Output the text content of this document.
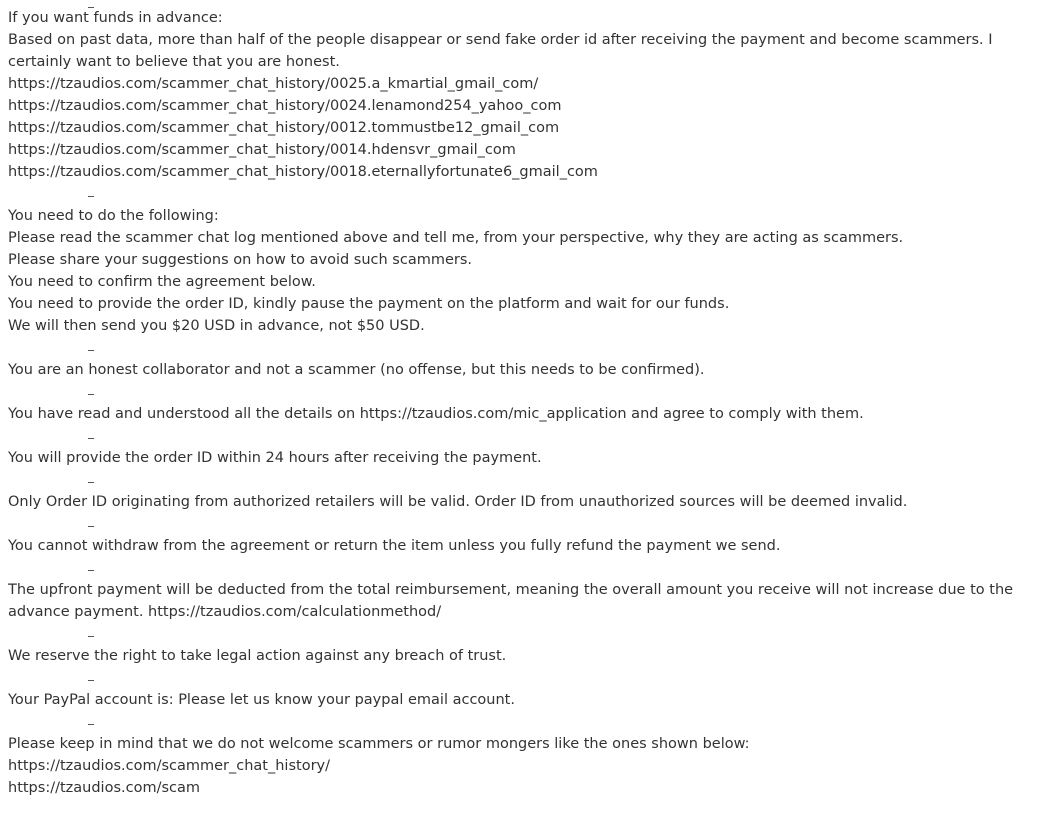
If you want funds in advance:
Based on past data, more than half of the people disappear or send fake order id after receiving the payment and become scammers. I certainly want to believe that you are honest.
https://tzaudios.com/scammer_chat_history/0025.a_kmartial_gmail_com/
https://tzaudios.com/scammer_chat_history/0024.lenamond254_yahoo_com
https://tzaudios.com/scammer_chat_history/0012.tommustbe12_gmail_com
https://tzaudios.com/scammer_chat_history/0014.hdensvr_gmail_com
https://tzaudios.com/scammer_chat_history/0018.eternallyfortunate6_gmail_com
You need to do the following:
Please read the scammer chat log mentioned above and tell me, from your perspective, why they are acting as scammers.
Please share your suggestions on how to avoid such scammers.
You need to confirm the agreement below.
You need to provide the order ID, kindly pause the payment on the platform and wait for our funds.
We will then send you $20 USD in advance, not $50 USD.
You are an honest collaborator and not a scammer (no offense, but this needs to be confirmed).
You have read and understood all the details on https://tzaudios.com/mic_application and agree to comply with them.
You will provide the order ID within 24 hours after receiving the payment.
Only Order ID originating from authorized retailers will be valid. Order ID from unauthorized sources will be deemed invalid.
You cannot withdraw from the agreement or return the item unless you fully refund the payment we send.
The upfront payment will be deducted from the total reimbursement, meaning the overall amount you receive will not increase due to the advance payment. https://tzaudios.com/calculationmethod/
We reserve the right to take legal action against any breach of trust.
Your PayPal account is: Please let us know your paypal email account.
Please keep in mind that we do not welcome scammers or rumor mongers like the ones shown below:
https://tzaudios.com/scammer_chat_history/
https://tzaudios.com/scam
